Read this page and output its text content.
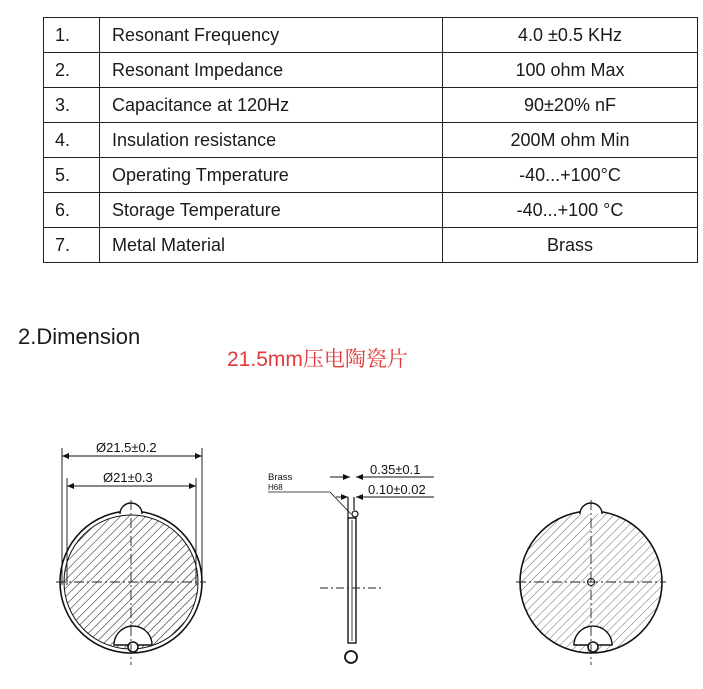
1.	Resonant Frequency	4.0 ±0.5 KHz
2.	Resonant Impedance	100 ohm Max
3.	Capacitance at 120Hz	90±20% nF
4.	Insulation resistance	200M ohm Min
5.	Operating Tmperature	-40...+100°C
6.	Storage Temperature	-40...+100 °C
7.	Metal Material	Brass
2.Dimension
21.5mm压电陶瓷片
Ø21.5±0.2
Ø21±0.3	Brass
H68
0.35±0.1
0.10±0.02
